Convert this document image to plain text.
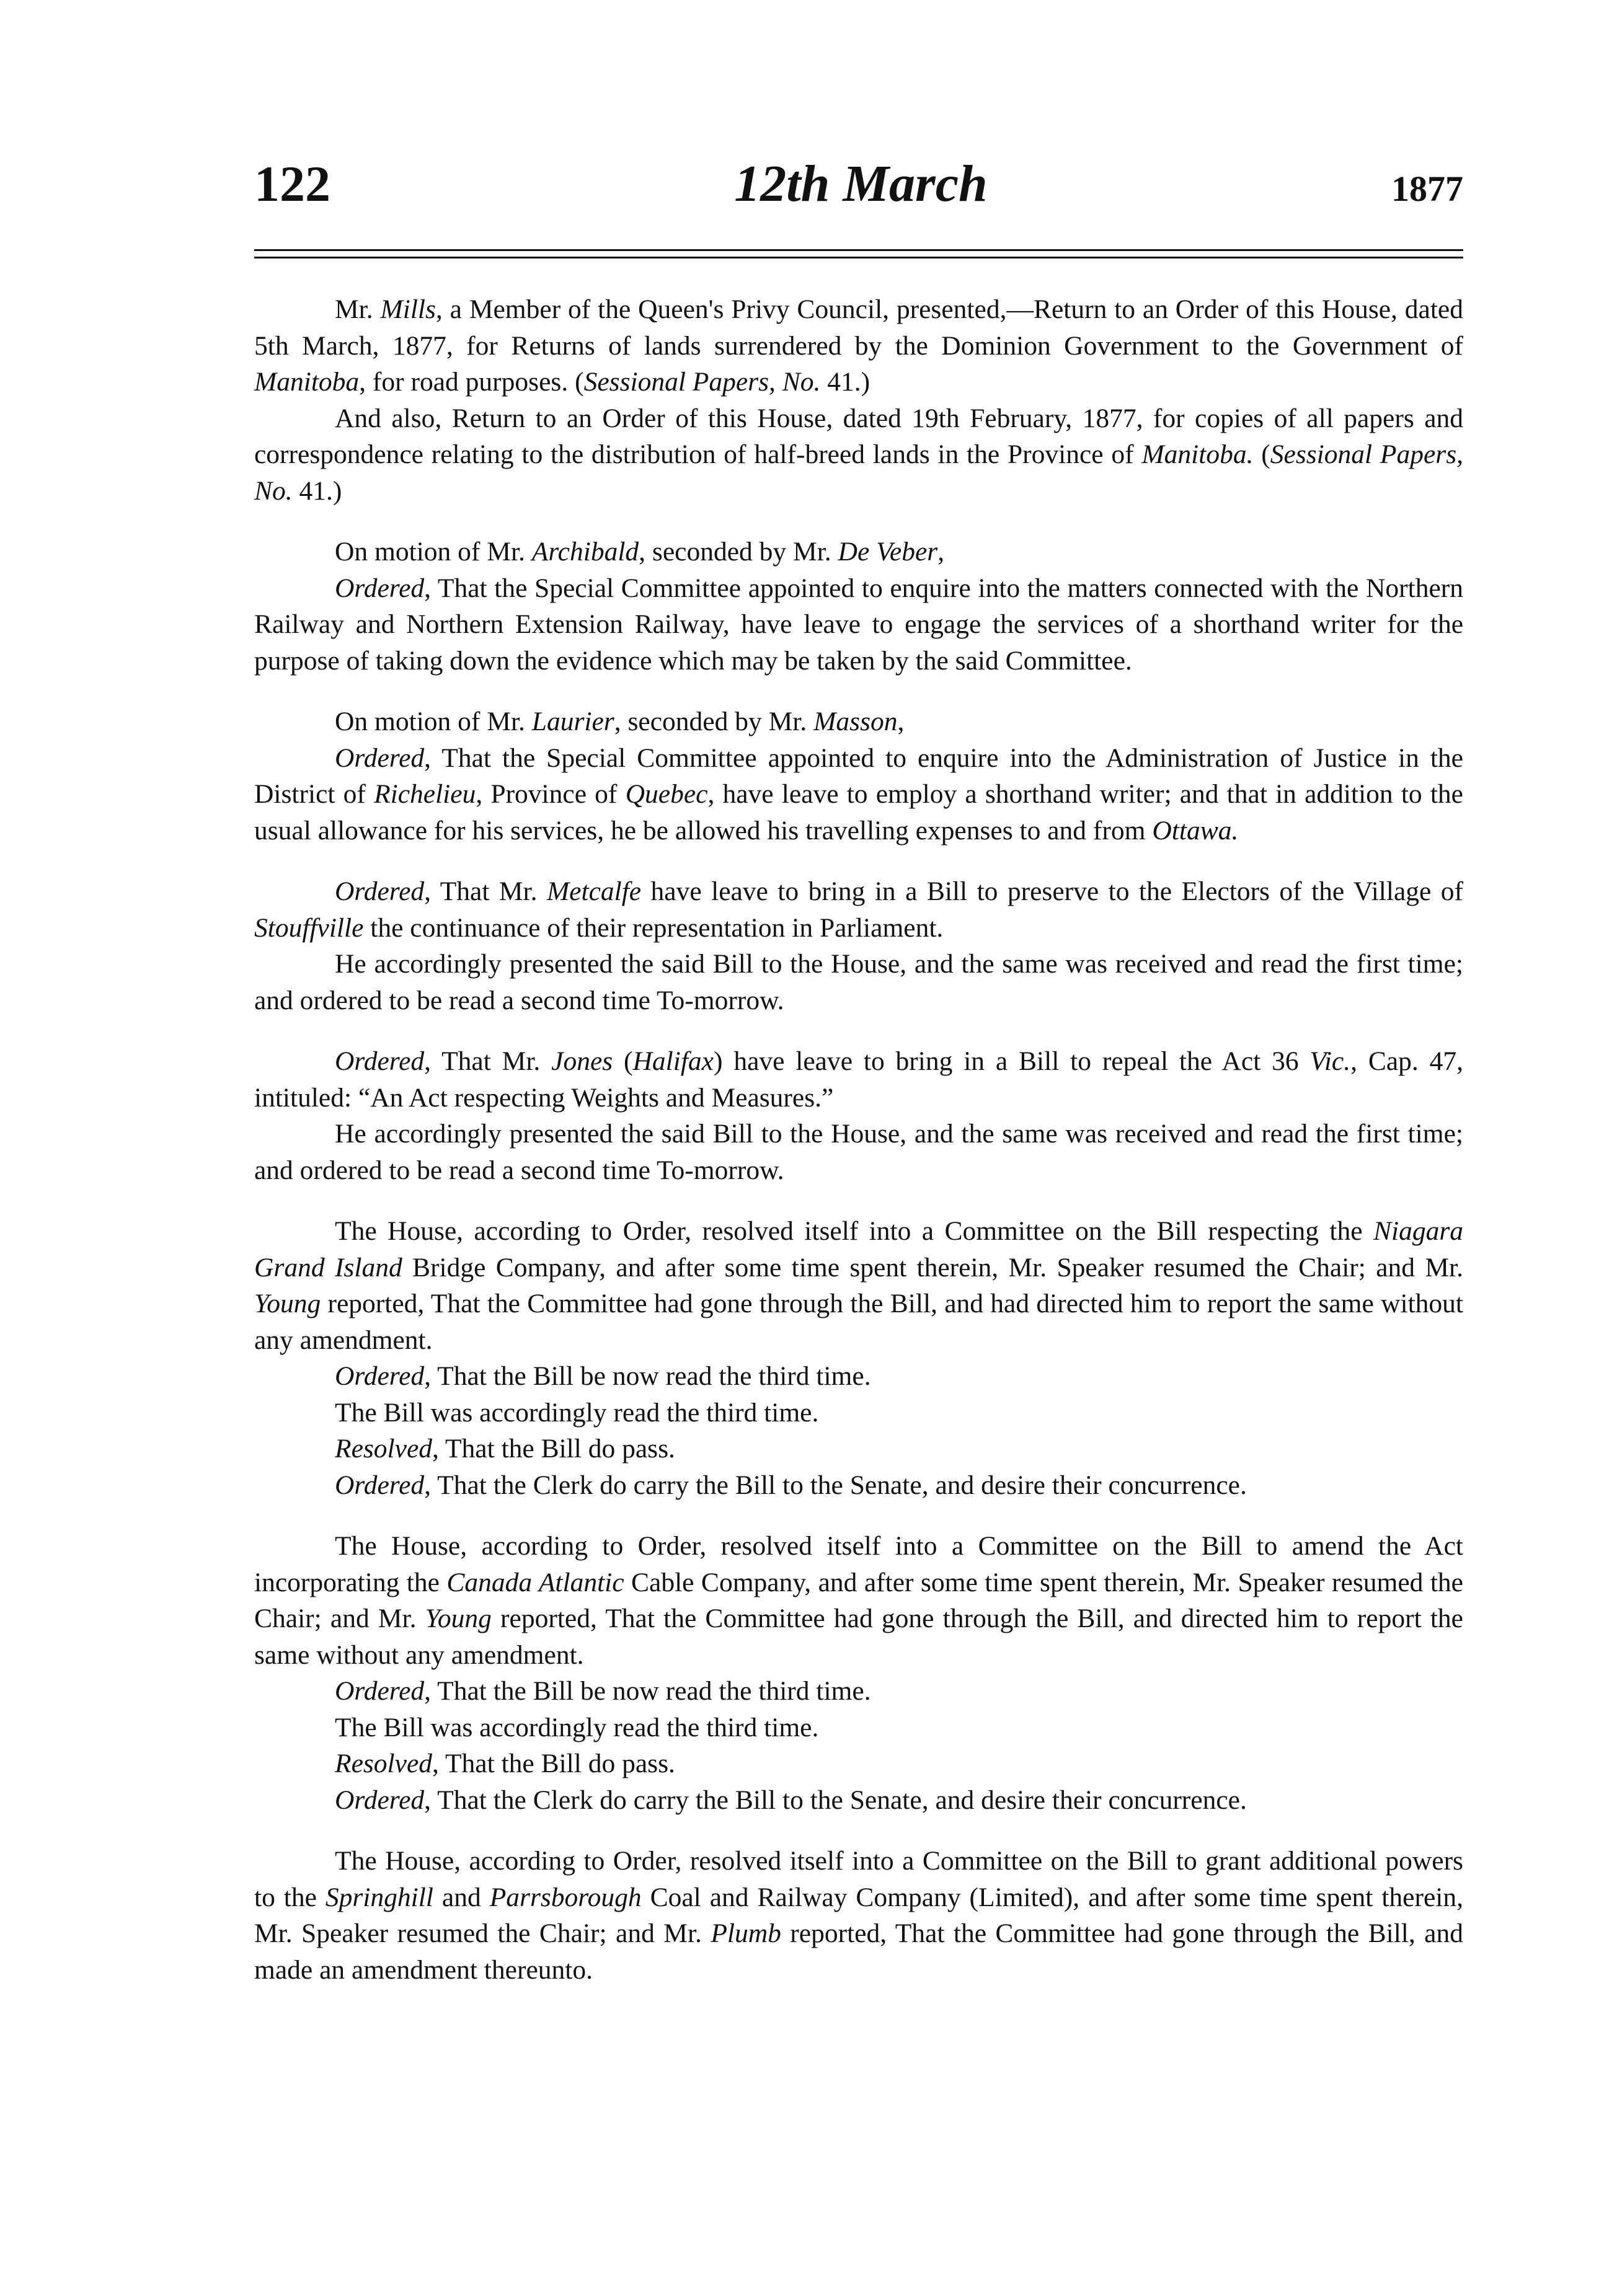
122	12th March	1877

Mr. Mills, a Member of the Queen's Privy Council, presented,—Return to an Order of this House, dated 5th March, 1877, for Returns of lands surrendered by the Dominion Government to the Government of Manitoba, for road purposes. (Sessional Papers, No. 41.)

And also, Return to an Order of this House, dated 19th February, 1877, for copies of all papers and correspondence relating to the distribution of half-breed lands in the Province of Manitoba. (Sessional Papers, No. 41.)

On motion of Mr. Archibald, seconded by Mr. De Veber,

Ordered, That the Special Committee appointed to enquire into the matters connected with the Northern Railway and Northern Extension Railway, have leave to engage the services of a shorthand writer for the purpose of taking down the evidence which may be taken by the said Committee.

On motion of Mr. Laurier, seconded by Mr. Masson,

Ordered, That the Special Committee appointed to enquire into the Administration of Justice in the District of Richelieu, Province of Quebec, have leave to employ a shorthand writer; and that in addition to the usual allowance for his services, he be allowed his travelling expenses to and from Ottawa.

Ordered, That Mr. Metcalfe have leave to bring in a Bill to preserve to the Electors of the Village of Stouffville the continuance of their representation in Parliament.

He accordingly presented the said Bill to the House, and the same was received and read the first time; and ordered to be read a second time To-morrow.

Ordered, That Mr. Jones (Halifax) have leave to bring in a Bill to repeal the Act 36 Vic., Cap. 47, intituled: “An Act respecting Weights and Measures.”

He accordingly presented the said Bill to the House, and the same was received and read the first time; and ordered to be read a second time To-morrow.

The House, according to Order, resolved itself into a Committee on the Bill respecting the Niagara Grand Island Bridge Company, and after some time spent therein, Mr. Speaker resumed the Chair; and Mr. Young reported, That the Committee had gone through the Bill, and had directed him to report the same without any amendment.

Ordered, That the Bill be now read the third time.

The Bill was accordingly read the third time.

Resolved, That the Bill do pass.

Ordered, That the Clerk do carry the Bill to the Senate, and desire their concurrence.

The House, according to Order, resolved itself into a Committee on the Bill to amend the Act incorporating the Canada Atlantic Cable Company, and after some time spent therein, Mr. Speaker resumed the Chair; and Mr. Young reported, That the Committee had gone through the Bill, and directed him to report the same without any amendment.

Ordered, That the Bill be now read the third time.

The Bill was accordingly read the third time.

Resolved, That the Bill do pass.

Ordered, That the Clerk do carry the Bill to the Senate, and desire their concurrence.

The House, according to Order, resolved itself into a Committee on the Bill to grant additional powers to the Springhill and Parrsborough Coal and Railway Company (Limited), and after some time spent therein, Mr. Speaker resumed the Chair; and Mr. Plumb reported, That the Committee had gone through the Bill, and made an amendment thereunto.
